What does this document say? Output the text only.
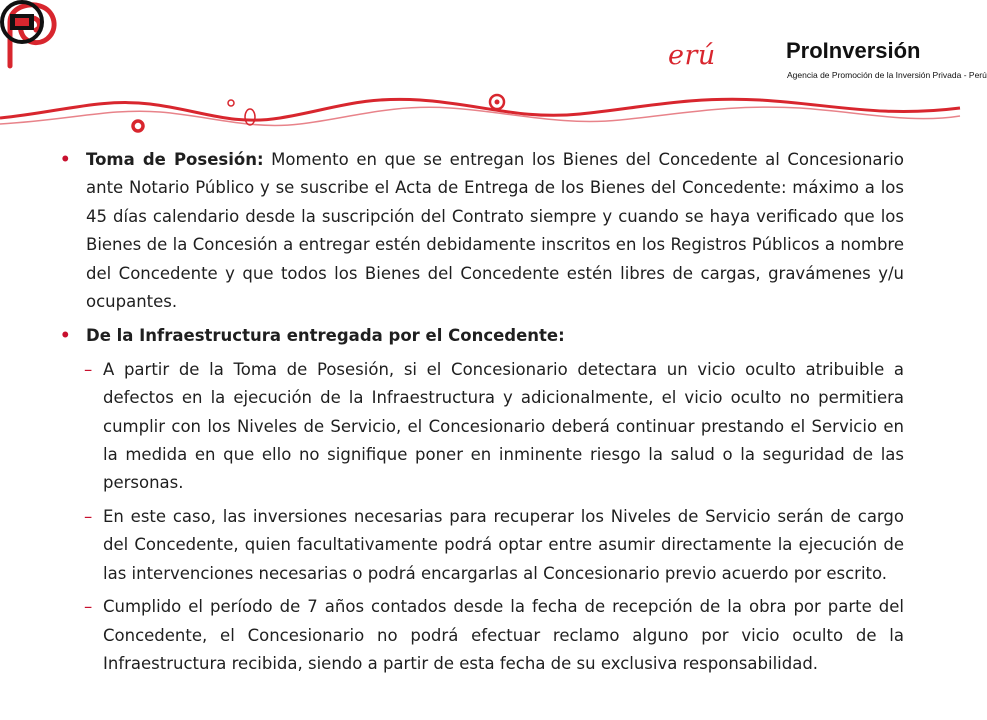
erú	ProInversión
Agencia de Promoción de la Inversión Privada - Perú
• Toma de Posesión: Momento en que se entregan los Bienes del Concedente al Concesionario ante Notario Público y se suscribe el Acta de Entrega de los Bienes del Concedente: máximo a los 45 días calendario desde la suscripción del Contrato siempre y cuando se haya verificado que los Bienes de la Concesión a entregar estén debidamente inscritos en los Registros Públicos a nombre del Concedente y que todos los Bienes del Concedente estén libres de cargas, gravámenes y/u ocupantes.

• De la Infraestructura entregada por el Concedente:

– A partir de la Toma de Posesión, si el Concesionario detectara un vicio oculto atribuible a defectos en la ejecución de la Infraestructura y adicionalmente, el vicio oculto no permitiera cumplir con los Niveles de Servicio, el Concesionario deberá continuar prestando el Servicio en la medida en que ello no signifique poner en inminente riesgo la salud o la seguridad de las personas.

– En este caso, las inversiones necesarias para recuperar los Niveles de Servicio serán de cargo del Concedente, quien facultativamente podrá optar entre asumir directamente la ejecución de las intervenciones necesarias o podrá encargarlas al Concesionario previo acuerdo por escrito.

– Cumplido el período de 7 años contados desde la fecha de recepción de la obra por parte del Concedente, el Concesionario no podrá efectuar reclamo alguno por vicio oculto de la Infraestructura recibida, siendo a partir de esta fecha de su exclusiva responsabilidad.
